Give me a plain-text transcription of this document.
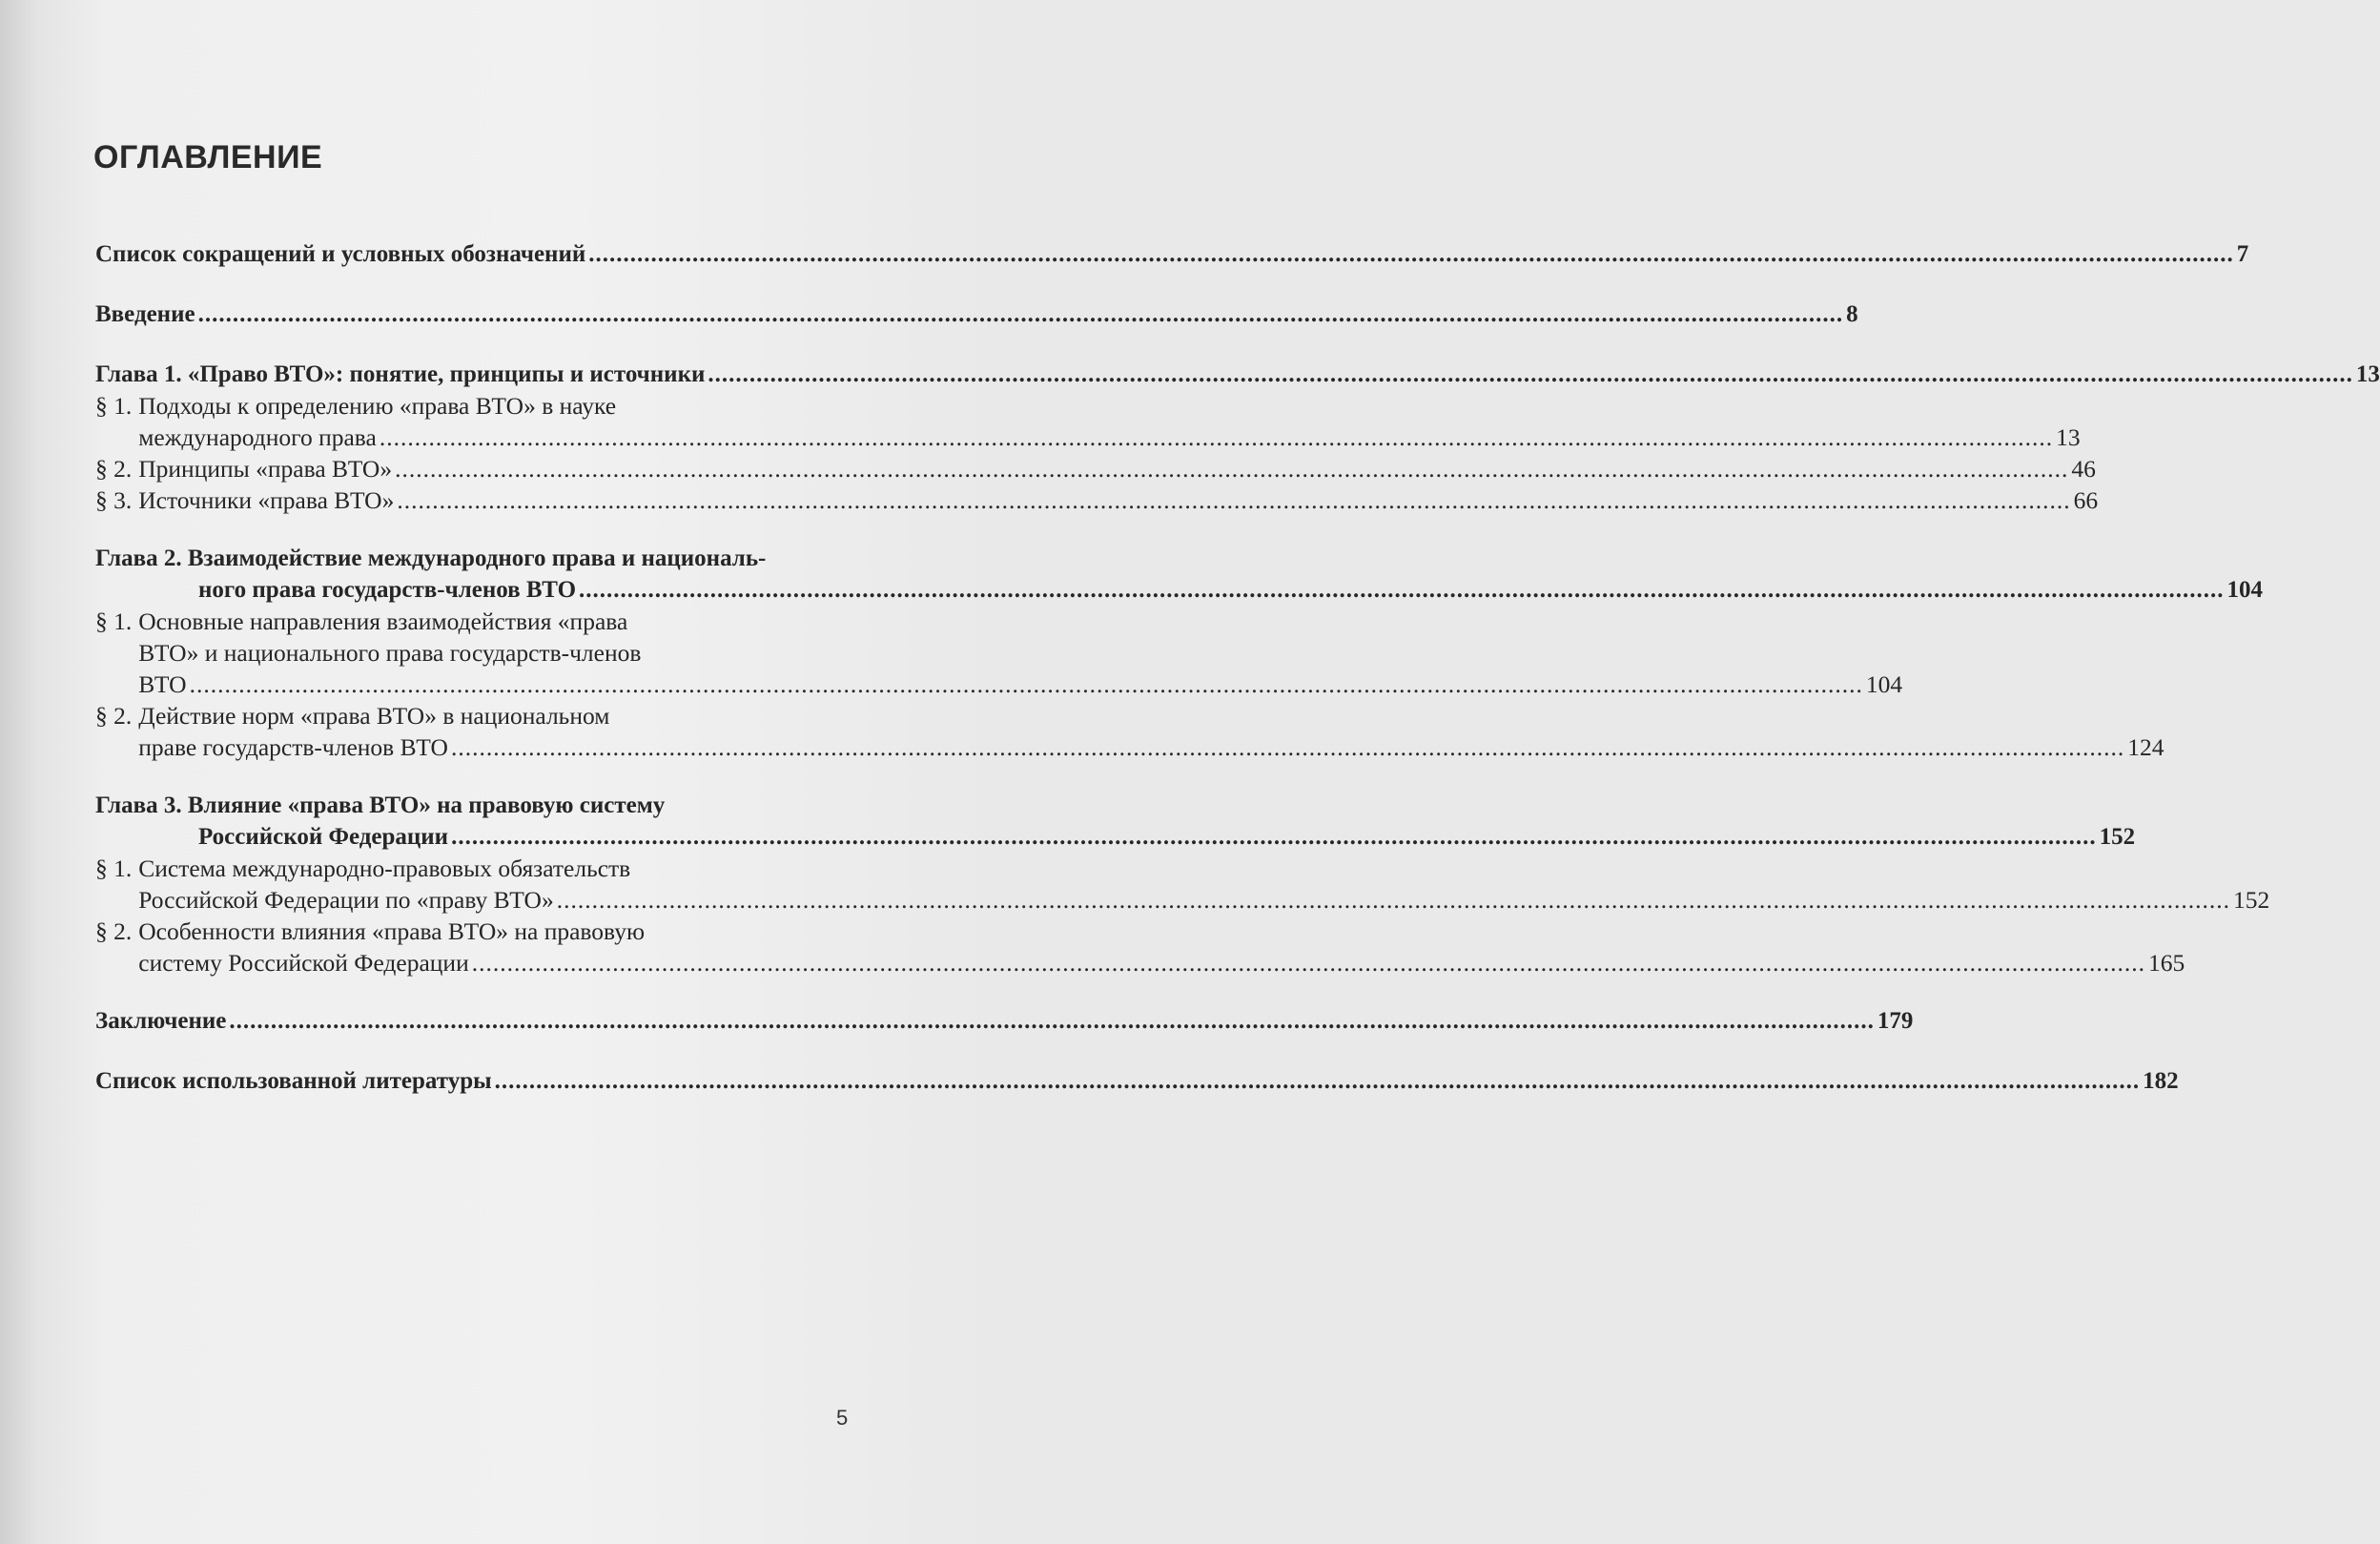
ОГЛАВЛЕНИЕ
Список сокращений и условных обозначений .....	7
Введение .....	8
Глава 1. «Право ВТО»: понятие, принципы и источники .....	13
§ 1. Подходы к определению «права ВТО» в науке
международного права .....	13
§ 2. Принципы «права ВТО» .....	46
§ 3. Источники «права ВТО» .....	66
Глава 2. Взаимодействие международного права и националь-
ного права государств-членов ВТО .....	104
§ 1. Основные направления взаимодействия «права
ВТО» и национального права государств-членов
ВТО .....	104
§ 2. Действие норм «права ВТО» в национальном
праве государств-членов ВТО .....	124
Глава 3. Влияние «права ВТО» на правовую систему
Российской Федерации .....	152
§ 1. Система международно-правовых обязательств
Российской Федерации по «праву ВТО» .....	152
§ 2. Особенности влияния «права ВТО» на правовую
систему Российской Федерации .....	165
Заключение .....	179
Список использованной литературы .....	182
5
